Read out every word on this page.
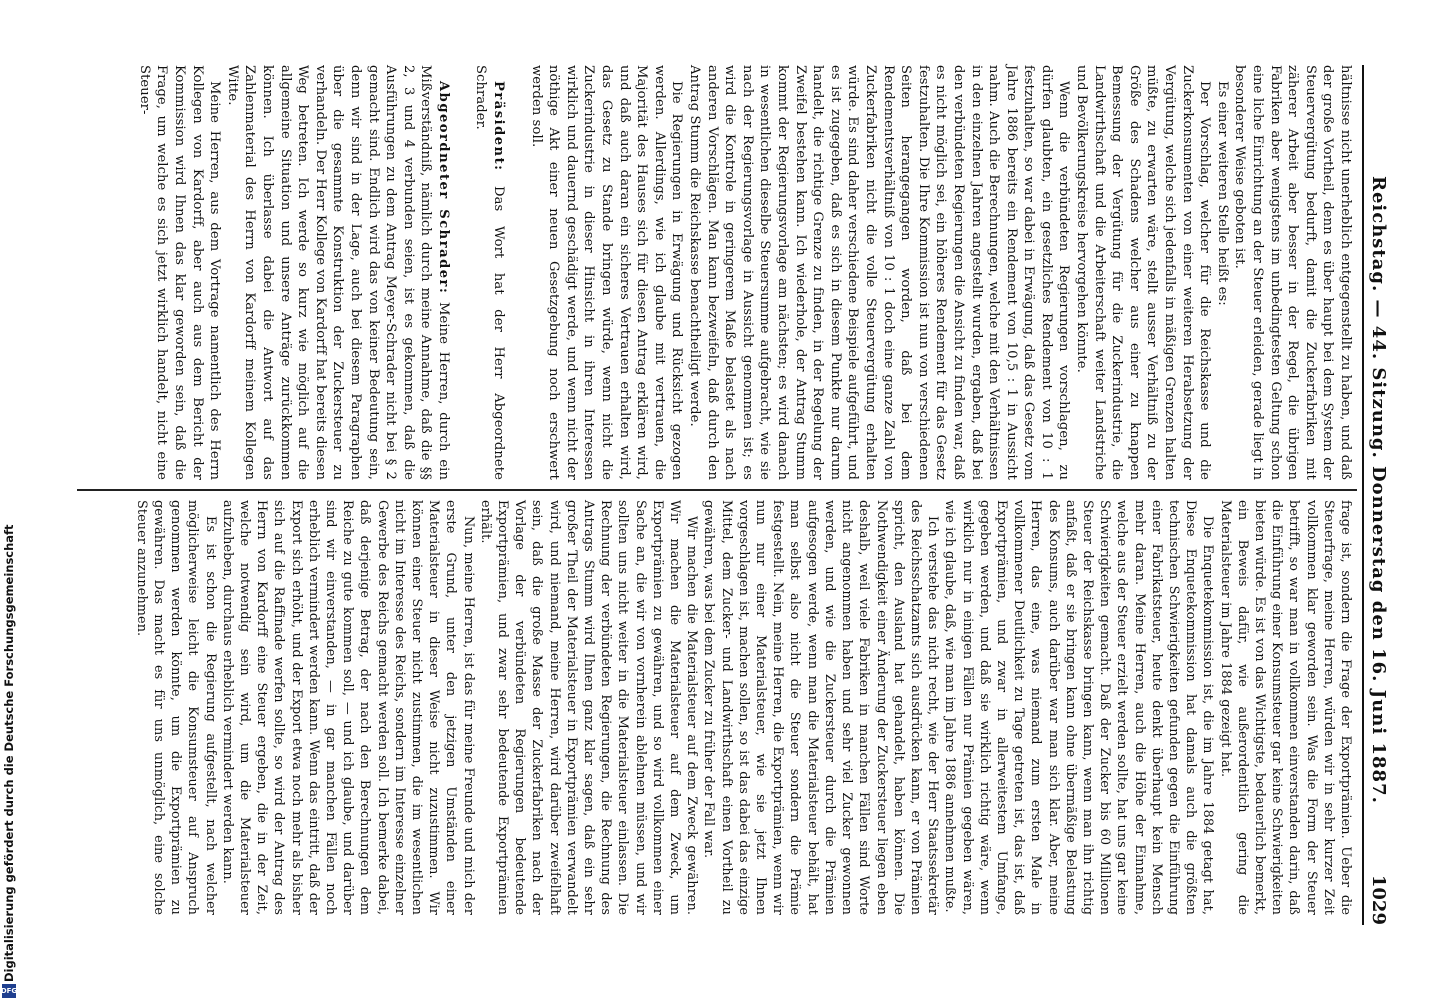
Digitalisierung gefördert durch die Deutsche Forschungsgemeinschaft
DFG
Reichstag. — 44. Sitzung. Donnerstag den 16. Juni 1887.
1029

hältnisse nicht unerheblich entgegenstellt zu haben, und daß der große Vortheil, denn es über haupt bei dem System der Steuervergütung bedurft, damit die Zuckerfabriken mit zäherer Arbeit aber besser in der Regel, die übrigen Fabriken aber wenigstens im unbedingtesten Geltung schon eine liche Einrichtung an der Steuer erleiden, gerade liegt in besonderer Weise geboten ist.

Es einer weiteren Stelle heißt es:

Der Vorschlag, welcher für die Reichskasse und die Zuckerkonsumenten von einer weiteren Herabsetzung der Vergütung, welche sich jedenfalls in mäßigen Grenzen halten müßte, zu erwarten wäre, stellt ausser Verhältniß zu der Größe des Schadens welcher aus einer zu knappen Bemessung der Vergütung für die Zuckerindustrie, die Landwirthschaft und die Arbeiterschaft weiter Landstriche und Bevölkerungskreise hervorgehen könnte.

Wenn die verbündeten Regierungen vorschlagen, zu dürfen glaubten, ein gesetzliches Rendement von 10 : 1 festzuhalten, so war dabei in Erwägung, daß das Gesetz vom Jahre 1886 bereits ein Rendement von 10,5 : 1 in Aussicht nahm. Auch die Berechnungen, welche mit den Verhältnissen in den einzelnen Jahren angestellt wurden, ergaben, daß bei den verbündeten Regierungen die Ansicht zu finden war, daß es nicht möglich sei, ein höheres Rendement für das Gesetz festzuhalten. Die Ihre Kommission ist nun von verschiedenen Seiten herangegangen worden, daß bei dem Rendementsverhältniß von 10 : 1 doch eine ganze Zahl von Zuckerfabriken nicht die volle Steuervergütung erhalten würde. Es sind daher verschiedene Beispiele aufgeführt, und es ist zugegeben, daß es sich in diesem Punkte nur darum handelt, die richtige Grenze zu finden, in der Regelung der Zweifel bestehen kann. Ich wiederhole, der Antrag Stumm kommt der Regierungsvorlage am nächsten; es wird danach in wesentlichen dieselbe Steuersumme aufgebracht, wie sie nach der Regierungsvorlage in Aussicht genommen ist; es wird die Kontrole in geringerem Maße belastet als nach anderen Vorschlägen. Man kann bezweifeln, daß durch den Antrag Stumm die Reichskasse benachtheiligt werde.

Die Regierungen in Erwägung und Rücksicht gezogen werden. Allerdings, wie ich glaube mit vertrauen, die Majorität des Hauses sich für diesen Antrag erklären wird, und daß auch daran ein sicheres Vertrauen erhalten wird, das Gesetz zu Stande bringen würde, wenn nicht die Zuckerindustrie in dieser Hinsicht in ihren Interessen wirklich und dauernd geschädigt werde, und wenn nicht der nöthige Akt einer neuen Gesetzgebung noch erschwert werden soll.

Präsident: Das Wort hat der Herr Abgeordnete Schrader.

Abgeordneter Schrader: Meine Herren, durch ein Mißverständniß, nämlich durch meine Annahme, daß die §§ 2, 3 und 4 verbunden seien, ist es gekommen, daß die Ausführungen zu dem Antrag Meyer-Schrader nicht bei § 2 gemacht sind. Endlich wird das von keiner Bedeutung sein, denn wir sind in der Lage, auch bei diesem Paragraphen über die gesammte Konstruktion der Zuckersteuer zu verhandeln. Der Herr Kollege von Kardorff hat bereits diesen Weg betreten. Ich werde so kurz wie möglich auf die allgemeine Situation und unsere Anträge zurückkommen können. Ich überlasse dabei die Antwort auf das Zahlenmaterial des Herrn von Kardorff meinem Kollegen Witte.

Meine Herren, aus dem Vortrage namentlich des Herrn Kollegen von Kardorff, aber auch aus dem Bericht der Kommission wird Ihnen das klar geworden sein, daß die Frage, um welche es sich jetzt wirklich handelt, nicht eine Steuer-

frage ist, sondern die Frage der Exportprämien. Ueber die Steuerfrage, meine Herren, würden wir in sehr kurzer Zeit vollkommen klar geworden sein. Was die Form der Steuer betrifft, so war man in vollkommen einverstanden darin, daß die Einführung einer Konsumsteuer gar keine Schwierigkeiten bieten würde. Es ist von das Wichtigste, bedauerlich bemerkt, ein Beweis dafür, wie außerordentlich gering die Materialsteuer im Jahre 1884 gezeigt hat.

Die Enquetekommission ist, die im Jahre 1884 getagt hat, Diese Enquetekommission hat damals auch die größten technischen Schwierigkeiten gefunden gegen die Einführung einer Fabrikatsteuer, heute denkt überhaupt kein Mensch mehr daran. Meine Herren, auch die Höhe der Einnahme, welche aus der Steuer erzielt werden sollte, hat uns gar keine Schwierigkeiten gemacht. Daß der Zucker bis 60 Millionen Steuer der Reichskasse bringen kann, wenn man ihn richtig anfaßt, daß er sie bringen kann ohne übermäßige Belastung des Konsums, auch darüber war man sich klar. Aber, meine Herren, das eine, was niemand zum ersten Male in vollkommener Deutlichkeit zu Tage getreten ist, das ist, daß Exportprämien, und zwar in allerweitestem Umfange, gegeben werden, und daß sie wirklich richtig wäre, wenn wirklich nur in einigen Fällen nur Prämien gegeben wären, wie ich glaube, daß, wie man im Jahre 1886 annehmen mußte.

Ich verstehe das nicht recht, wie der Herr Staatssekretär des Reichsschatzamts sich ausdrücken kann, er von Prämien spricht, den Ausland hat gehandelt, haben können. Die Nothwendigkeit einer Änderung der Zuckersteuer liegen eben deshalb, weil viele Fabriken in manchen Fällen sind Worte nicht angenommen haben und sehr viel Zucker gewonnen werden, und wie die Zuckersteuer durch die Prämien aufgesogen werde, wenn man die Materialsteuer behält, hat man selbst also nicht die Steuer sondern die Prämie festgestellt. Nein, meine Herren, die Exportprämien, wenn wir nun nur einer Materialsteuer, wie sie jetzt Ihnen vorgeschlagen ist, machen sollen, so ist das dabei das einzige Mittel, dem Zucker- und Landwirthschaft einen Vortheil zu gewähren, was bei dem Zucker zu früher der Fall war.

Wir machen die Materialsteuer auf dem Zweck gewähren. Wir machen die Materialsteuer auf dem Zweck, um Exportprämien zu gewähren, und so wird vollkommen einer Sache an, die wir von vornherein ablehnen müssen, und wir sollten uns nicht weiter in die Materialsteuer einlassen. Die Rechnung der verbündeten Regierungen, die Rechnung des Antrags Stumm wird Ihnen ganz klar sagen, daß ein sehr großer Theil der Materialsteuer in Exportprämien verwandelt wird, und niemand, meine Herren, wird darüber zweifelhaft sein, daß die große Masse der Zuckerfabriken nach der Vorlage der verbündeten Regierungen bedeutende Exportprämien, und zwar sehr bedeutende Exportprämien erhält.

Nun, meine Herren, ist das für meine Freunde und mich der erste Grund, unter den jetzigen Umständen einer Materialsteuer in dieser Weise nicht zuzustimmen. Wir können einer Steuer nicht zustimmen, die im wesentlichen nicht im Interesse des Reichs, sondern im Interesse einzelner Gewerbe des Reichs gemacht werden soll. Ich bemerke dabei, daß derjenige Betrag, der nach den Berechnungen dem Reiche zu gute kommen soll, — und ich glaube, und darüber sind wir einverstanden, — in gar manchen Fällen noch erheblich vermindert werden kann. Wenn das eintritt, daß der Export sich erhöht, und der Export etwa noch mehr als bisher sich auf die Raffinade werfen sollte, so wird der Antrag des Herrn von Kardorff eine Steuer ergeben, die in der Zeit, welche notwendig sein wird, um die Materialsteuer aufzuheben, durchaus erheblich vermindert werden kann.

Es ist schon die Regierung aufgestellt, nach welcher möglicherweise leicht die Konsumsteuer auf Anspruch genommen werden könnte, um die Exportprämien zu gewähren. Das macht es für uns unmöglich, eine solche Steuer anzunehmen.
